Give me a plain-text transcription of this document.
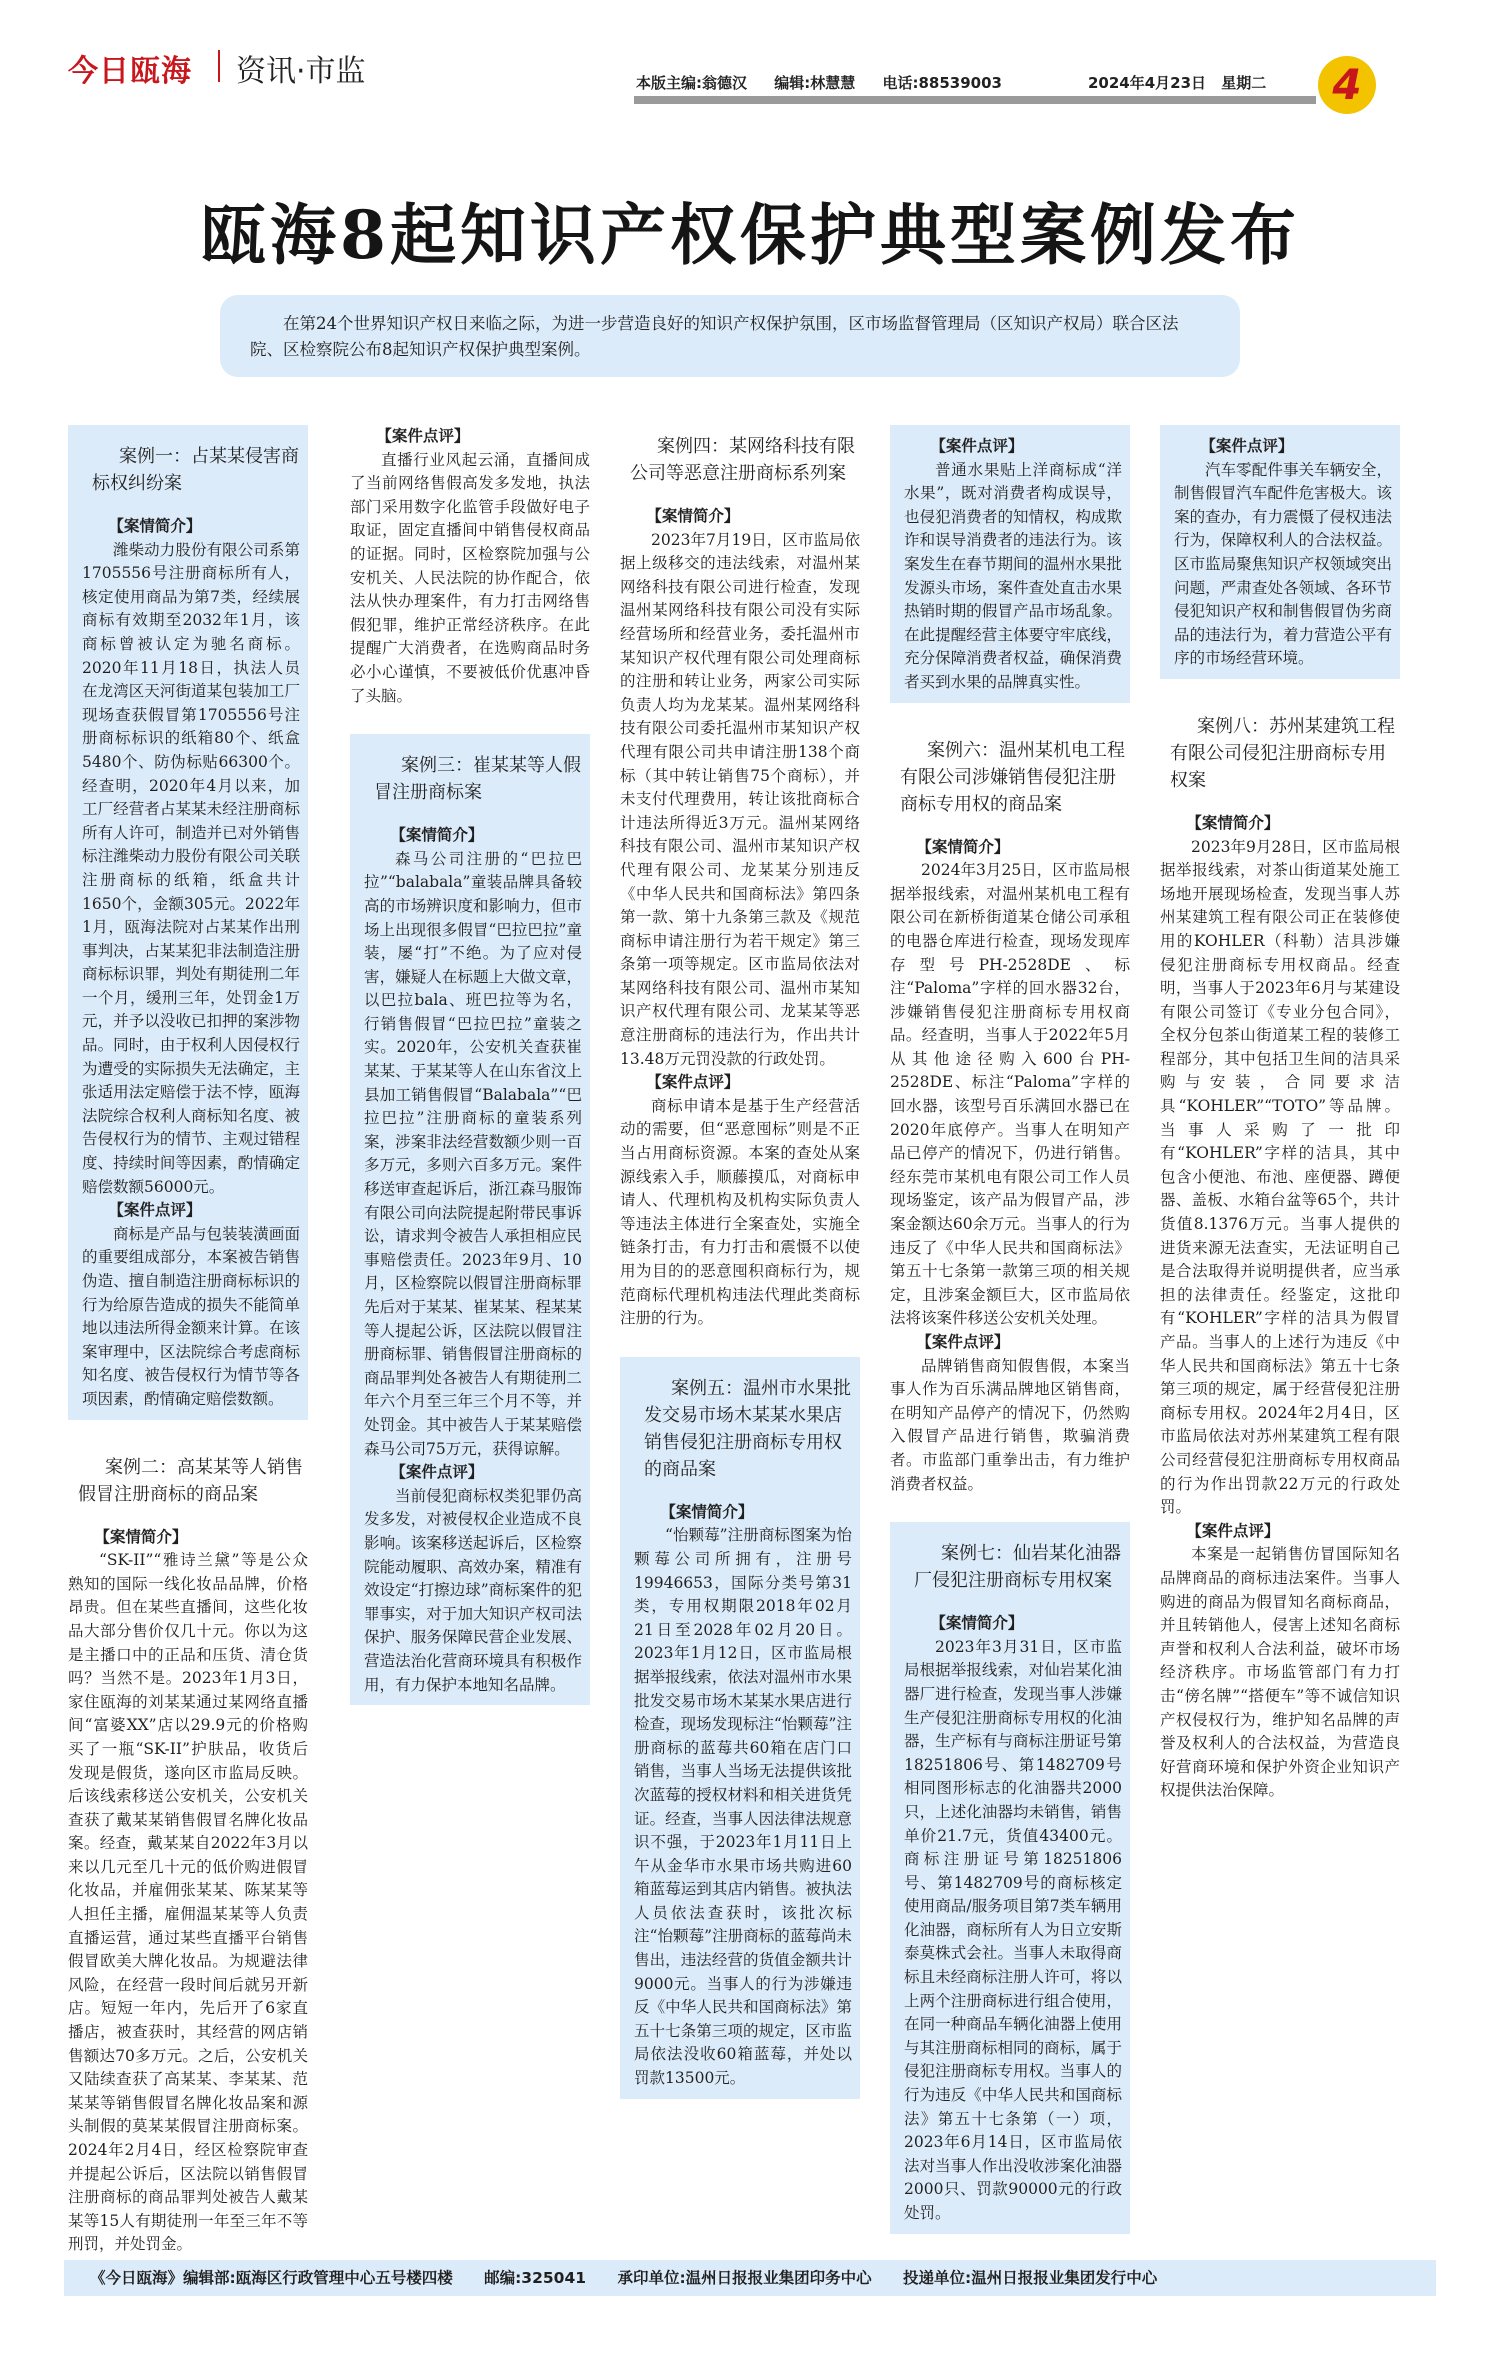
今日瓯海 资讯·市监	本版主编:翁德汉 编辑:林慧慧 电话:88539003	2024年4月23日 星期二	4
瓯海8起知识产权保护典型案例发布

在第24个世界知识产权日来临之际，为进一步营造良好的知识产权保护氛围，区市场监督管理局（区知识产权局）联合区法院、区检察院公布8起知识产权保护典型案例。

案例一：占某某侵害商标权纠纷案

【案情简介】

潍柴动力股份有限公司系第1705556号注册商标所有人，核定使用商品为第7类，经续展商标有效期至2032年1月，该商标曾被认定为驰名商标。2020年11月18日，执法人员在龙湾区天河街道某包装加工厂现场查获假冒第1705556号注册商标标识的纸箱80个、纸盒5480个、防伪标贴66300个。经查明，2020年4月以来，加工厂经营者占某某未经注册商标所有人许可，制造并已对外销售标注潍柴动力股份有限公司关联注册商标的纸箱，纸盒共计1650个，金额305元。2022年1月，瓯海法院对占某某作出刑事判决，占某某犯非法制造注册商标标识罪，判处有期徒刑二年一个月，缓刑三年，处罚金1万元，并予以没收已扣押的案涉物品。同时，由于权利人因侵权行为遭受的实际损失无法确定，主张适用法定赔偿于法不悖，瓯海法院综合权利人商标知名度、被告侵权行为的情节、主观过错程度、持续时间等因素，酌情确定赔偿数额56000元。

【案件点评】

商标是产品与包装装潢画面的重要组成部分，本案被告销售伪造、擅自制造注册商标标识的行为给原告造成的损失不能简单地以违法所得金额来计算。在该案审理中，区法院综合考虑商标知名度、被告侵权行为情节等各项因素，酌情确定赔偿数额。

案例二：高某某等人销售假冒注册商标的商品案

【案情简介】

“SK-II”“雅诗兰黛”等是公众熟知的国际一线化妆品品牌，价格昂贵。但在某些直播间，这些化妆品大部分售价仅几十元。你以为这是主播口中的正品和压货、清仓货吗？当然不是。2023年1月3日，家住瓯海的刘某某通过某网络直播间“富婆XX”店以29.9元的价格购买了一瓶“SK-II”护肤品，收货后发现是假货，遂向区市监局反映。后该线索移送公安机关，公安机关查获了戴某某销售假冒名牌化妆品案。经查，戴某某自2022年3月以来以几元至几十元的低价购进假冒化妆品，并雇佣张某某、陈某某等人担任主播，雇佣温某某等人负责直播运营，通过某些直播平台销售假冒欧美大牌化妆品。为规避法律风险，在经营一段时间后就另开新店。短短一年内，先后开了6家直播店，被查获时，其经营的网店销售额达70多万元。之后，公安机关又陆续查获了高某某、李某某、范某某等销售假冒名牌化妆品案和源头制假的莫某某假冒注册商标案。2024年2月4日，经区检察院审查并提起公诉后，区法院以销售假冒注册商标的商品罪判处被告人戴某某等15人有期徒刑一年至三年不等刑罚，并处罚金。

【案件点评】

直播行业风起云涌，直播间成了当前网络售假高发多发地，执法部门采用数字化监管手段做好电子取证，固定直播间中销售侵权商品的证据。同时，区检察院加强与公安机关、人民法院的协作配合，依法从快办理案件，有力打击网络售假犯罪，维护正常经济秩序。在此提醒广大消费者，在选购商品时务必小心谨慎，不要被低价优惠冲昏了头脑。

案例三：崔某某等人假冒注册商标案

【案情简介】

森马公司注册的“巴拉巴拉”“balabala”童装品牌具备较高的市场辨识度和影响力，但市场上出现很多假冒“巴拉巴拉”童装，屡“打”不绝。为了应对侵害，嫌疑人在标题上大做文章，以巴拉bala、班巴拉等为名，行销售假冒“巴拉巴拉”童装之实。2020年，公安机关查获崔某某、于某某等人在山东省汶上县加工销售假冒“Balabala”“巴拉巴拉”注册商标的童装系列案，涉案非法经营数额少则一百多万元，多则六百多万元。案件移送审查起诉后，浙江森马服饰有限公司向法院提起附带民事诉讼，请求判令被告人承担相应民事赔偿责任。2023年9月、10月，区检察院以假冒注册商标罪先后对于某某、崔某某、程某某等人提起公诉，区法院以假冒注册商标罪、销售假冒注册商标的商品罪判处各被告人有期徒刑二年六个月至三年三个月不等，并处罚金。其中被告人于某某赔偿森马公司75万元，获得谅解。

【案件点评】

当前侵犯商标权类犯罪仍高发多发，对被侵权企业造成不良影响。该案移送起诉后，区检察院能动履职、高效办案，精准有效设定“打擦边球”商标案件的犯罪事实，对于加大知识产权司法保护、服务保障民营企业发展、营造法治化营商环境具有积极作用，有力保护本地知名品牌。

案例四：某网络科技有限公司等恶意注册商标系列案

【案情简介】

2023年7月19日，区市监局依据上级移交的违法线索，对温州某网络科技有限公司进行检查，发现温州某网络科技有限公司没有实际经营场所和经营业务，委托温州市某知识产权代理有限公司处理商标的注册和转让业务，两家公司实际负责人均为龙某某。温州某网络科技有限公司委托温州市某知识产权代理有限公司共申请注册138个商标（其中转让销售75个商标），并未支付代理费用，转让该批商标合计违法所得近3万元。温州某网络科技有限公司、温州市某知识产权代理有限公司、龙某某分别违反《中华人民共和国商标法》第四条第一款、第十九条第三款及《规范商标申请注册行为若干规定》第三条第一项等规定。区市监局依法对某网络科技有限公司、温州市某知识产权代理有限公司、龙某某等恶意注册商标的违法行为，作出共计13.48万元罚没款的行政处罚。

【案件点评】

商标申请本是基于生产经营活动的需要，但“恶意囤标”则是不正当占用商标资源。本案的查处从案源线索入手，顺藤摸瓜，对商标申请人、代理机构及机构实际负责人等违法主体进行全案查处，实施全链条打击，有力打击和震慑不以使用为目的的恶意囤积商标行为，规范商标代理机构违法代理此类商标注册的行为。

案例五：温州市水果批发交易市场木某某水果店销售侵犯注册商标专用权的商品案

【案情简介】

“怡颗莓”注册商标图案为怡颗莓公司所拥有，注册号19946653，国际分类号第31类，专用权期限2018年02月21日至2028年02月20日。2023年1月12日，区市监局根据举报线索，依法对温州市水果批发交易市场木某某水果店进行检查，现场发现标注“怡颗莓”注册商标的蓝莓共60箱在店门口销售，当事人当场无法提供该批次蓝莓的授权材料和相关进货凭证。经查，当事人因法律法规意识不强，于2023年1月11日上午从金华市水果市场共购进60箱蓝莓运到其店内销售。被执法人员依法查获时，该批次标注“怡颗莓”注册商标的蓝莓尚未售出，违法经营的货值金额共计9000元。当事人的行为涉嫌违反《中华人民共和国商标法》第五十七条第三项的规定，区市监局依法没收60箱蓝莓，并处以罚款13500元。

【案件点评】

普通水果贴上洋商标成“洋水果”，既对消费者构成误导，也侵犯消费者的知情权，构成欺诈和误导消费者的违法行为。该案发生在春节期间的温州水果批发源头市场，案件查处直击水果热销时期的假冒产品市场乱象。在此提醒经营主体要守牢底线，充分保障消费者权益，确保消费者买到水果的品牌真实性。

案例六：温州某机电工程有限公司涉嫌销售侵犯注册商标专用权的商品案

【案情简介】

2024年3月25日，区市监局根据举报线索，对温州某机电工程有限公司在新桥街道某仓储公司承租的电器仓库进行检查，现场发现库存型号PH-2528DE、标注“Paloma”字样的回水器32台，涉嫌销售侵犯注册商标专用权商品。经查明，当事人于2022年5月从其他途径购入600台PH-2528DE、标注“Paloma”字样的回水器，该型号百乐满回水器已在2020年底停产。当事人在明知产品已停产的情况下，仍进行销售。经东莞市某机电有限公司工作人员现场鉴定，该产品为假冒产品，涉案金额达60余万元。当事人的行为违反了《中华人民共和国商标法》第五十七条第一款第三项的相关规定，且涉案金额巨大，区市监局依法将该案件移送公安机关处理。

【案件点评】

品牌销售商知假售假，本案当事人作为百乐满品牌地区销售商，在明知产品停产的情况下，仍然购入假冒产品进行销售，欺骗消费者。市监部门重拳出击，有力维护消费者权益。

案例七：仙岩某化油器厂侵犯注册商标专用权案

【案情简介】

2023年3月31日，区市监局根据举报线索，对仙岩某化油器厂进行检查，发现当事人涉嫌生产侵犯注册商标专用权的化油器，生产标有与商标注册证号第18251806号、第1482709号相同图形标志的化油器共2000只，上述化油器均未销售，销售单价21.7元，货值43400元。商标注册证号第18251806号、第1482709号的商标核定使用商品/服务项目第7类车辆用化油器，商标所有人为日立安斯泰莫株式会社。当事人未取得商标且未经商标注册人许可，将以上两个注册商标进行组合使用，在同一种商品车辆化油器上使用与其注册商标相同的商标，属于侵犯注册商标专用权。当事人的行为违反《中华人民共和国商标法》第五十七条第（一）项，2023年6月14日，区市监局依法对当事人作出没收涉案化油器2000只、罚款90000元的行政处罚。

【案件点评】

汽车零配件事关车辆安全，制售假冒汽车配件危害极大。该案的查办，有力震慑了侵权违法行为，保障权利人的合法权益。区市监局聚焦知识产权领域突出问题，严肃查处各领域、各环节侵犯知识产权和制售假冒伪劣商品的违法行为，着力营造公平有序的市场经营环境。

案例八：苏州某建筑工程有限公司侵犯注册商标专用权案

【案情简介】

2023年9月28日，区市监局根据举报线索，对茶山街道某处施工场地开展现场检查，发现当事人苏州某建筑工程有限公司正在装修使用的KOHLER（科勒）洁具涉嫌侵犯注册商标专用权商品。经查明，当事人于2023年6月与某建设有限公司签订《专业分包合同》，全权分包茶山街道某工程的装修工程部分，其中包括卫生间的洁具采购与安装，合同要求洁具“KOHLER”“TOTO”等品牌。当事人采购了一批印有“KOHLER”字样的洁具，其中包含小便池、布池、座便器、蹲便器、盖板、水箱台盆等65个，共计货值8.1376万元。当事人提供的进货来源无法查实，无法证明自己是合法取得并说明提供者，应当承担的法律责任。经鉴定，这批印有“KOHLER”字样的洁具为假冒产品。当事人的上述行为违反《中华人民共和国商标法》第五十七条第三项的规定，属于经营侵犯注册商标专用权。2024年2月4日，区市监局依法对苏州某建筑工程有限公司经营侵犯注册商标专用权商品的行为作出罚款22万元的行政处罚。

【案件点评】

本案是一起销售仿冒国际知名品牌商品的商标违法案件。当事人购进的商品为假冒知名商标商品，并且转销他人，侵害上述知名商标声誉和权利人合法利益，破坏市场经济秩序。市场监管部门有力打击“傍名牌”“搭便车”等不诚信知识产权侵权行为，维护知名品牌的声誉及权利人的合法权益，为营造良好营商环境和保护外资企业知识产权提供法治保障。

《今日瓯海》编辑部:瓯海区行政管理中心五号楼四楼 邮编:325041 承印单位:温州日报报业集团印务中心 投递单位:温州日报报业集团发行中心
